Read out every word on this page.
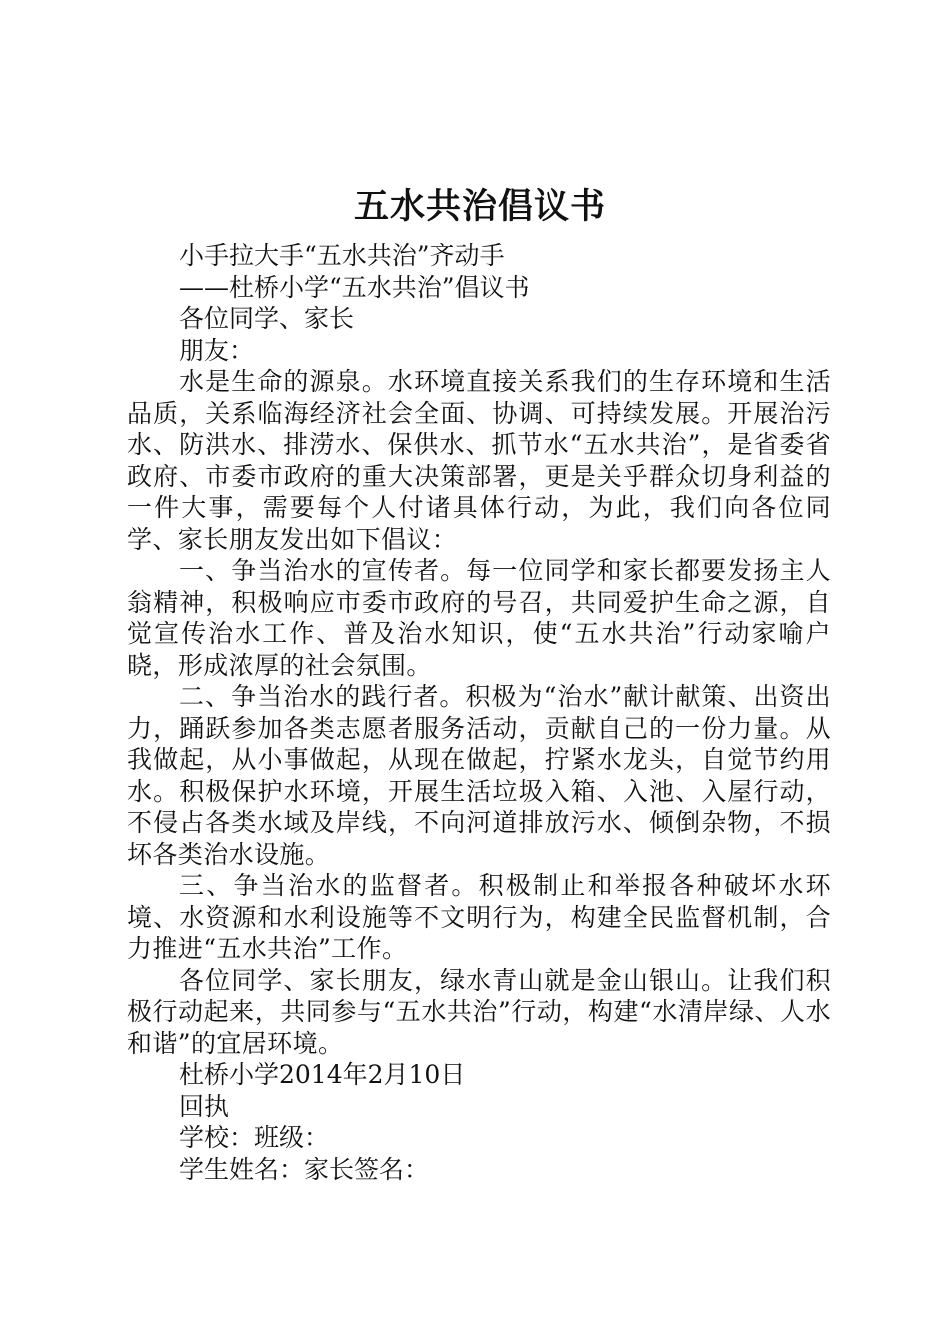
五水共治倡议书

小手拉大手“五水共治”齐动手

——杜桥小学“五水共治”倡议书

各位同学、家长

朋友：

水是生命的源泉。水环境直接关系我们的生存环境和生活品质，关系临海经济社会全面、协调、可持续发展。开展治污水、防洪水、排涝水、保供水、抓节水“五水共治”，是省委省政府、市委市政府的重大决策部署，更是关乎群众切身利益的一件大事，需要每个人付诸具体行动，为此，我们向各位同学、家长朋友发出如下倡议：

一、争当治水的宣传者。每一位同学和家长都要发扬主人翁精神，积极响应市委市政府的号召，共同爱护生命之源，自觉宣传治水工作、普及治水知识，使“五水共治”行动家喻户晓，形成浓厚的社会氛围。

二、争当治水的践行者。积极为“治水”献计献策、出资出力，踊跃参加各类志愿者服务活动，贡献自己的一份力量。从我做起，从小事做起，从现在做起，拧紧水龙头，自觉节约用水。积极保护水环境，开展生活垃圾入箱、入池、入屋行动，不侵占各类水域及岸线，不向河道排放污水、倾倒杂物，不损坏各类治水设施。

三、争当治水的监督者。积极制止和举报各种破坏水环境、水资源和水利设施等不文明行为，构建全民监督机制，合力推进“五水共治”工作。

各位同学、家长朋友，绿水青山就是金山银山。让我们积极行动起来，共同参与“五水共治”行动，构建“水清岸绿、人水和谐”的宜居环境。

杜桥小学2014年2月10日

回执

学校：班级：

学生姓名：家长签名：
